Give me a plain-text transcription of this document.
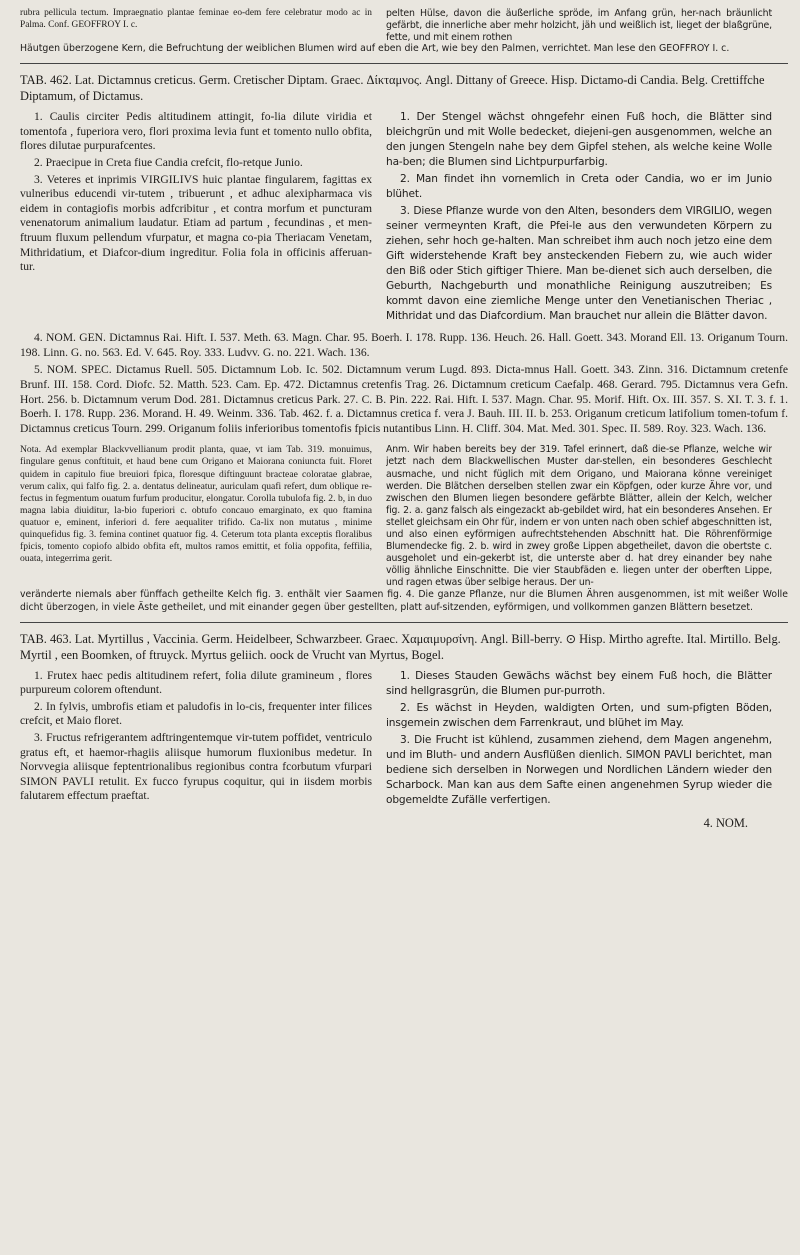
rubra pellicula tectum. Impraegnatio plantae feminae eo-dem fere celebratur modo ac in Palma. Conf. GEOFFROY I. c.

pelten Hülse, davon die äußerliche spröde, im Anfang grün, her-nach bräunlicht gefärbt, die innerliche aber mehr holzicht, jäh und weißlich ist, lieget der blaßgrüne, fette, und mit einem rothen

Häutgen überzogene Kern, die Befruchtung der weiblichen Blumen wird auf eben die Art, wie bey den Palmen, verrichtet. Man lese den GEOFFROY I. c.

TAB. 462. Lat. Dictamnus creticus. Germ. Cretischer Diptam. Graec. Δίκταμνος. Angl. Dittany of Greece. Hisp. Dictamo-di Candia. Belg. Crettiffche Diptamum, of Dictamus.

1. Caulis circiter Pedis altitudinem attingit, fo-lia dilute viridia et tomentofa , fuperiora vero, flori proxima levia funt et tomento nullo obfita, flores dilutae purpurafcentes.

2. Praecipue in Creta fiue Candia crefcit, flo-retque Junio.

3. Veteres et inprimis VIRGILIVS huic plantae fingularem, fagittas ex vulneribus educendi vir-tutem , tribuerunt , et adhuc alexipharmaca vis eidem in contagiofis morbis adfcribitur , et contra morfum et puncturam venenatorum animalium laudatur. Etiam ad partum , fecundinas , et men-ftruum fluxum pellendum vfurpatur, et magna co-pia Theriacam Venetam, Mithridatium, et Diafcor-dium ingreditur. Folia fola in officinis afferuan-tur.

1. Der Stengel wächst ohngefehr einen Fuß hoch, die Blätter sind bleichgrün und mit Wolle bedecket, diejeni-gen ausgenommen, welche an den jungen Stengeln nahe bey dem Gipfel stehen, als welche keine Wolle ha-ben; die Blumen sind Lichtpurpurfarbig.

2. Man findet ihn vornemlich in Creta oder Candia, wo er im Junio blühet.

3. Diese Pflanze wurde von den Alten, besonders dem VIRGILIO, wegen seiner vermeynten Kraft, die Pfei-le aus den verwundeten Körpern zu ziehen, sehr hoch ge-halten. Man schreibet ihm auch noch jetzo eine dem Gift widerstehende Kraft bey ansteckenden Fiebern zu, wie auch wider den Biß oder Stich giftiger Thiere. Man be-dienet sich auch derselben, die Geburth, Nachgeburth und monathliche Reinigung auszutreiben; Es kommt davon eine ziemliche Menge unter den Venetianischen Theriac , Mithridat und das Diafcordium. Man brauchet nur allein die Blätter davon.

4. NOM. GEN. Dictamnus Rai. Hift. I. 537. Meth. 63. Magn. Char. 95. Boerh. I. 178. Rupp. 136. Heuch. 26. Hall. Goett. 343. Morand Ell. 13. Origanum Tourn. 198. Linn. G. no. 563. Ed. V. 645. Roy. 333. Ludvv. G. no. 221. Wach. 136.

5. NOM. SPEC. Dictamus Ruell. 505. Dictamnum Lob. Ic. 502. Dictamnum verum Lugd. 893. Dicta-mnus Hall. Goett. 343. Zinn. 316. Dictamnum cretenfe Brunf. III. 158. Cord. Diofc. 52. Matth. 523. Cam. Ep. 472. Dictamnus cretenfis Trag. 26. Dictamnum creticum Caefalp. 468. Gerard. 795. Dictamnus vera Gefn. Hort. 256. b. Dictamnum verum Dod. 281. Dictamnus creticus Park. 27. C. B. Pin. 222. Rai. Hift. I. 537. Magn. Char. 95. Morif. Hift. Ox. III. 357. S. XI. T. 3. f. 1. Boerh. I. 178. Rupp. 236. Morand. H. 49. Weinm. 336. Tab. 462. f. a. Dictamnus cretica f. vera J. Bauh. III. II. b. 253. Origanum creticum latifolium tomen-tofum f. Dictamnus creticus Tourn. 299. Origanum foliis inferioribus tomentofis fpicis nutantibus Linn. H. Cliff. 304. Mat. Med. 301. Spec. II. 589. Roy. 323. Wach. 136.

Nota. Ad exemplar Blackvvellianum prodit planta, quae, vt iam Tab. 319. monuimus, fingulare genus conftituit, et haud bene cum Origano et Maiorana coniuncta fuit. Floret quidem in capitulo fiue breuiori fpica, floresque diftinguunt bracteae coloratae glabrae, verum calix, qui falfo fig. 2. a. dentatus delineatur, auriculam quafi refert, dum oblique re-fectus in fegmentum ouatum furfum producitur, elongatur. Corolla tubulofa fig. 2. b, in duo magna labia diuiditur, la-bio fuperiori c. obtufo concauo emarginato, ex quo ftamina quatuor e, eminent, inferiori d. fere aequaliter trifido. Ca-lix non mutatus , minime quinquefidus fig. 3. femina continet quatuor fig. 4. Ceterum tota planta exceptis floralibus fpicis, tomento copiofo albido obfita eft, multos ramos emittit, et folia oppofita, feffilia, ouata, integerrima gerit.

Anm. Wir haben bereits bey der 319. Tafel erinnert, daß die-se Pflanze, welche wir jetzt nach dem Blackwellischen Muster dar-stellen, ein besonderes Geschlecht ausmache, und nicht füglich mit dem Origano, und Maiorana könne vereiniget werden. Die Blätchen derselben stellen zwar ein Köpfgen, oder kurze Ähre vor, und zwischen den Blumen liegen besondere gefärbte Blätter, allein der Kelch, welcher fig. 2. a. ganz falsch als eingezackt ab-gebildet wird, hat ein besonderes Ansehen. Er stellet gleichsam ein Ohr für, indem er von unten nach oben schief abgeschnitten ist, und also einen eyförmigen aufrechtstehenden Abschnitt hat. Die Röhrenförmige Blumendecke fig. 2. b. wird in zwey große Lippen abgetheilet, davon die obertste c. ausgeholet und ein-gekerbt ist, die unterste aber d. hat drey einander bey nahe völlig ähnliche Einschnitte. Die vier Staubfäden e. liegen unter der oberften Lippe, und ragen etwas über selbige heraus. Der un-

veränderte niemals aber fünffach getheilte Kelch fig. 3. enthält vier Saamen fig. 4. Die ganze Pflanze, nur die Blumen Ähren ausgenommen, ist mit weißer Wolle dicht überzogen, in viele Äste getheilet, und mit einander gegen über gestellten, platt auf-sitzenden, eyförmigen, und vollkommen ganzen Blättern besetzet.

TAB. 463. Lat. Myrtillus , Vaccinia. Germ. Heidelbeer, Schwarzbeer. Graec. Χαμαιμυρσίνη. Angl. Bill-berry. ⊙ Hisp. Mirtho agrefte. Ital. Mirtillo. Belg. Myrtil , een Boomken, of ftruyck. Myrtus geliich. oock de Vrucht van Myrtus, Bogel.

1. Frutex haec pedis altitudinem refert, folia dilute gramineum , flores purpureum colorem oftendunt.

2. In fylvis, umbrofis etiam et paludofis in lo-cis, frequenter inter filices crefcit, et Maio floret.

3. Fructus refrigerantem adftringentemque vir-tutem poffidet, ventriculo gratus eft, et haemor-rhagiis aliisque humorum fluxionibus medetur. In Norvvegia aliisque feptentrionalibus regionibus contra fcorbutum vfurpari SIMON PAVLI retulit. Ex fucco fyrupus coquitur, qui in iisdem morbis falutarem effectum praeftat.

1. Dieses Stauden Gewächs wächst bey einem Fuß hoch, die Blätter sind hellgrasgrün, die Blumen pur-purroth.

2. Es wächst in Heyden, waldigten Orten, und sum-pfigten Böden, insgemein zwischen dem Farrenkraut, und blühet im May.

3. Die Frucht ist kühlend, zusammen ziehend, dem Magen angenehm, und im Bluth- und andern Ausflüßen dienlich. SIMON PAVLI berichtet, man bediene sich derselben in Norwegen und Nordlichen Ländern wieder den Scharbock. Man kan aus dem Safte einen angenehmen Syrup wieder die obgemeldte Zufälle verfertigen.

4. NOM.
